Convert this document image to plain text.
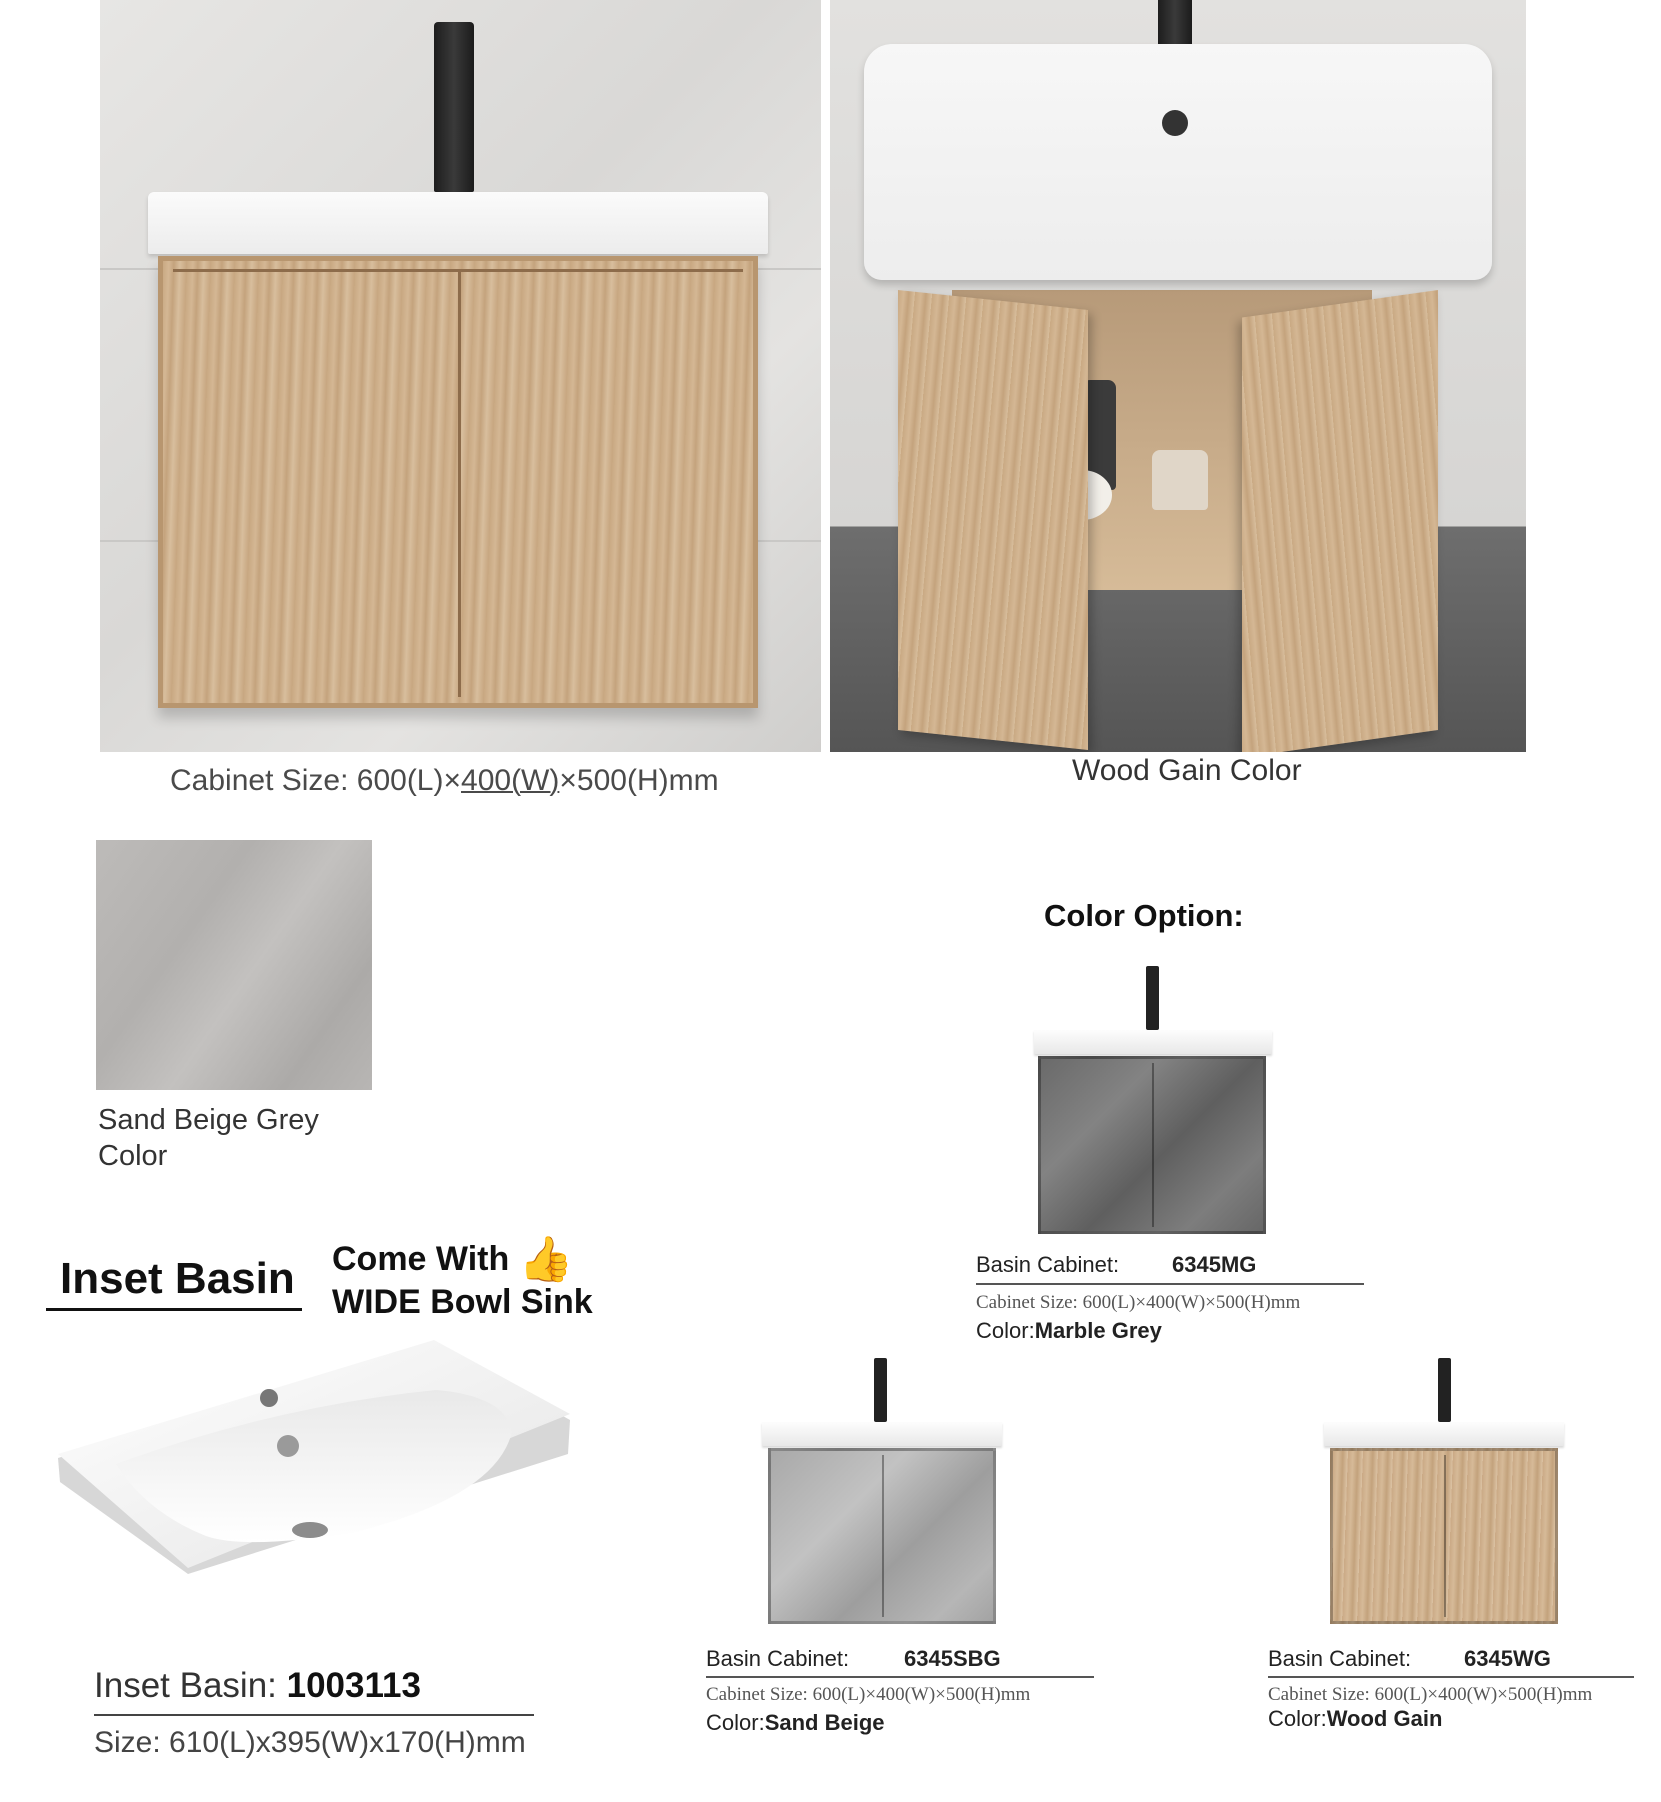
Cabinet Size: 600(L)×400(W)×500(H)mm	Wood Gain Color
Sand Beige Grey
Color
Color Option:
Basin Cabinet: 6345MG
Cabinet Size: 600(L)×400(W)×500(H)mm
Color:Marble Grey
Basin Cabinet: 6345SBG
Cabinet Size: 600(L)×400(W)×500(H)mm
Color:Sand Beige
Basin Cabinet: 6345WG
Cabinet Size: 600(L)×400(W)×500(H)mm
Color:Wood Gain
Inset Basin Come With 👍
WIDE Bowl Sink
Inset Basin: 1003113
Size: 610(L)x395(W)x170(H)mm
